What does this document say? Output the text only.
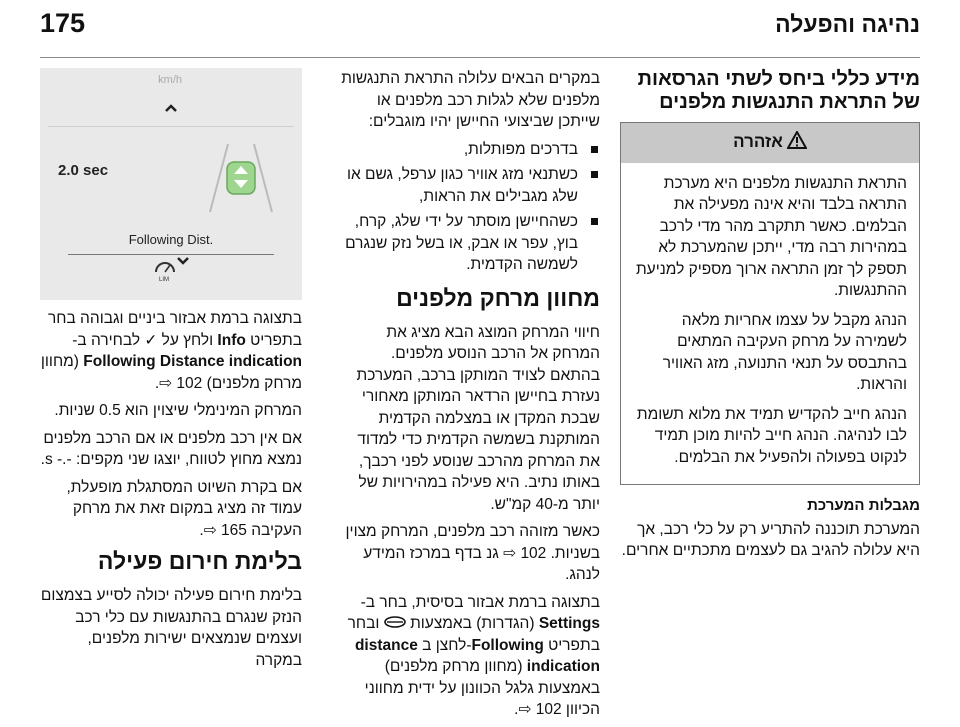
175	נהיגה והפעלה
מידע כללי ביחס לשתי הגרסאות של התראת התנגשות מלפנים
אזהרה

התראת התנגשות מלפנים היא מערכת התראה בלבד והיא אינה מפעילה את הבלמים. כאשר תתקרב מהר מדי לרכב במהירות רבה מדי, ייתכן שהמערכת לא תספק לך זמן התראה ארוך מספיק למניעת ההתנגשות.

הנהג מקבל על עצמו אחריות מלאה לשמירה על מרחק העקיבה המתאים בהתבסס על תנאי התנועה, מזג האוויר והראות.

הנהג חייב להקדיש תמיד את מלוא תשומת לבו לנהיגה. הנהג חייב להיות מוכן תמיד לנקוט בפעולה ולהפעיל את הבלמים.

מגבלות המערכת

המערכת תוכננה להתריע רק על כלי רכב, אך היא עלולה להגיב גם לעצמים מתכתיים אחרים.

במקרים הבאים עלולה התראת התנגשות מלפנים שלא לגלות רכב מלפנים או שייתכן שביצועי החיישן יהיו מוגבלים:

בדרכים מפותלות,
כשתנאי מזג אוויר כגון ערפל, גשם או שלג מגבילים את הראות,
כשהחיישן מוסתר על ידי שלג, קרח, בוץ, עפר או אבק, או בשל נזק שנגרם לשמשה הקדמית.
מחוון מרחק מלפנים

חיווי המרחק המוצג הבא מציג את המרחק אל הרכב הנוסע מלפנים. בהתאם לצויד המותקן ברכב, המערכת נעזרת בחיישן הרדאר המותקן מאחורי שבכת המקדן או במצלמה הקדמית המותקנת בשמשה הקדמית כדי למדוד את המרחק מהרכב שנוסע לפני רכבך, באותו נתיב. היא פעילה במהירויות של יותר מ-40 קמ"ש.

כאשר מזוהה רכב מלפנים, המרחק מצוין בשניות. 102 ⇨ גנ בדף במרכז המידע לנהג.

בתצוגה ברמת אבזור בסיסית, בחר ב-Settings (הגדרות) באמצעות  ובחר בתפריט Following-לחצן ב distance indication (מחוון מרחק מלפנים) באמצעות גלגל הכוונון על ידית מחווני הכיוון 102 ⇨.

km/h
2.0 sec
Following Dist.
LIM

בתצוגה ברמת אבזור ביניים וגבוהה בחר בתפריט Info ולחץ על ✓ לבחירה ב-Following Distance indication (מחוון מרחק מלפנים) 102 ⇨.

המרחק המינימלי שיצוין הוא 0.5 שניות.

אם אין רכב מלפנים או אם הרכב מלפנים נמצא מחוץ לטווח, יוצגו שני מקפים: -.- s.

אם בקרת השיוט המסתגלת מופעלת, עמוד זה מציג במקום זאת את מרחק העקיבה 165 ⇨.

בלימת חירום פעילה

בלימת חירום פעילה יכולה לסייע בצמצום הנזק שנגרם בהתנגשות עם כלי רכב ועצמים שנמצאים ישירות מלפנים, במקרה
